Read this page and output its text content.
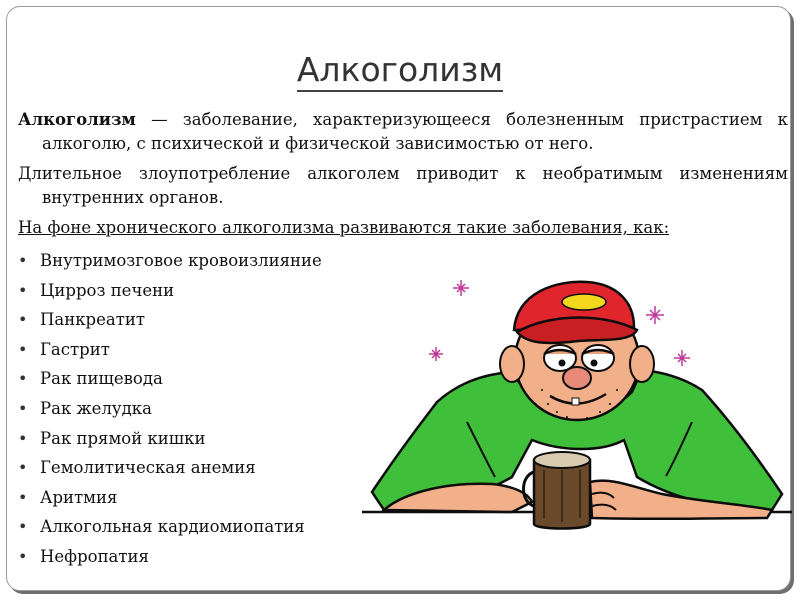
Алкоголизм

Алкоголизм — заболевание, характеризующееся болезненным пристрастием к алкоголю, с психической и физической зависимостью от него.

Длительное злоупотребление алкоголем приводит к необратимым изменениям внутренних органов.

На фоне хронического алкоголизма развиваются такие заболевания, как:

• Внутримозговое кровоизлияние
• Цирроз печени
• Панкреатит
• Гастрит
• Рак пищевода
• Рак желудка
• Рак прямой кишки
• Гемолитическая анемия
• Аритмия
• Алкогольная кардиомиопатия
• Нефропатия
